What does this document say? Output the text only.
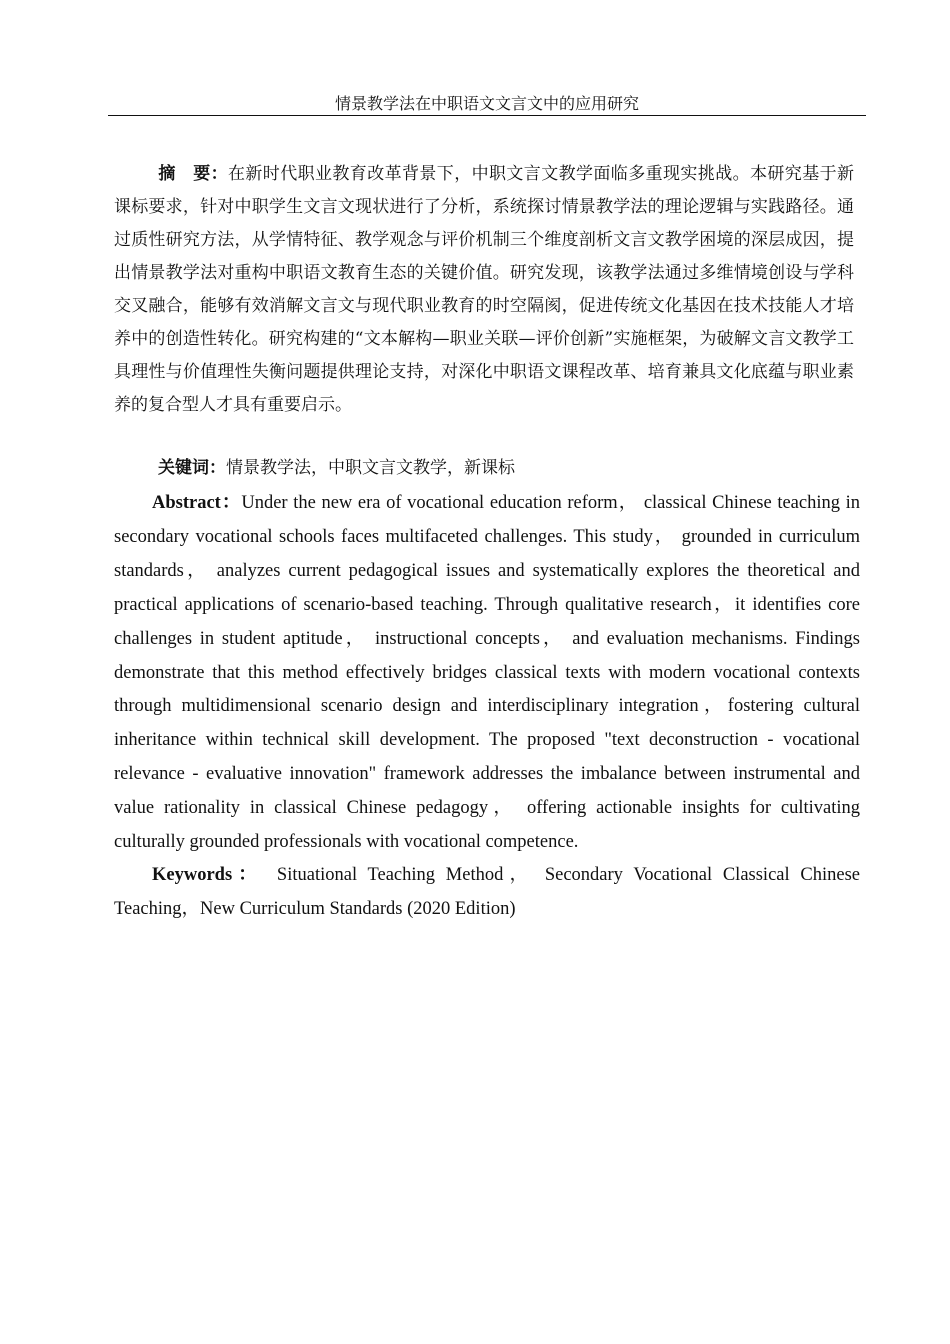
情景教学法在中职语文文言文中的应用研究

摘　要：在新时代职业教育改革背景下，中职文言文教学面临多重现实挑战。本研究基于新课标要求，针对中职学生文言文现状进行了分析，系统探讨情景教学法的理论逻辑与实践路径。通过质性研究方法，从学情特征、教学观念与评价机制三个维度剖析文言文教学困境的深层成因，提出情景教学法对重构中职语文教育生态的关键价值。研究发现，该教学法通过多维情境创设与学科交叉融合，能够有效消解文言文与现代职业教育的时空隔阂，促进传统文化基因在技术技能人才培养中的创造性转化。研究构建的“文本解构—职业关联—评价创新”实施框架，为破解文言文教学工具理性与价值理性失衡问题提供理论支持，对深化中职语文课程改革、培育兼具文化底蕴与职业素养的复合型人才具有重要启示。

关键词：情景教学法，中职文言文教学，新课标

Abstract：Under the new era of vocational education reform， classical Chinese teaching in secondary vocational schools faces multifaceted challenges. This study， grounded in curriculum standards， analyzes current pedagogical issues and systematically explores the theoretical and practical applications of scenario-based teaching. Through qualitative research，it identifies core challenges in student aptitude， instructional concepts， and evaluation mechanisms. Findings demonstrate that this method effectively bridges classical texts with modern vocational contexts through multidimensional scenario design and interdisciplinary integration，fostering cultural inheritance within technical skill development. The proposed "text deconstruction - vocational relevance - evaluative innovation" framework addresses the imbalance between instrumental and value rationality in classical Chinese pedagogy， offering actionable insights for cultivating culturally grounded professionals with vocational competence.

Keywords： Situational Teaching Method， Secondary Vocational Classical Chinese Teaching，New Curriculum Standards (2020 Edition)
